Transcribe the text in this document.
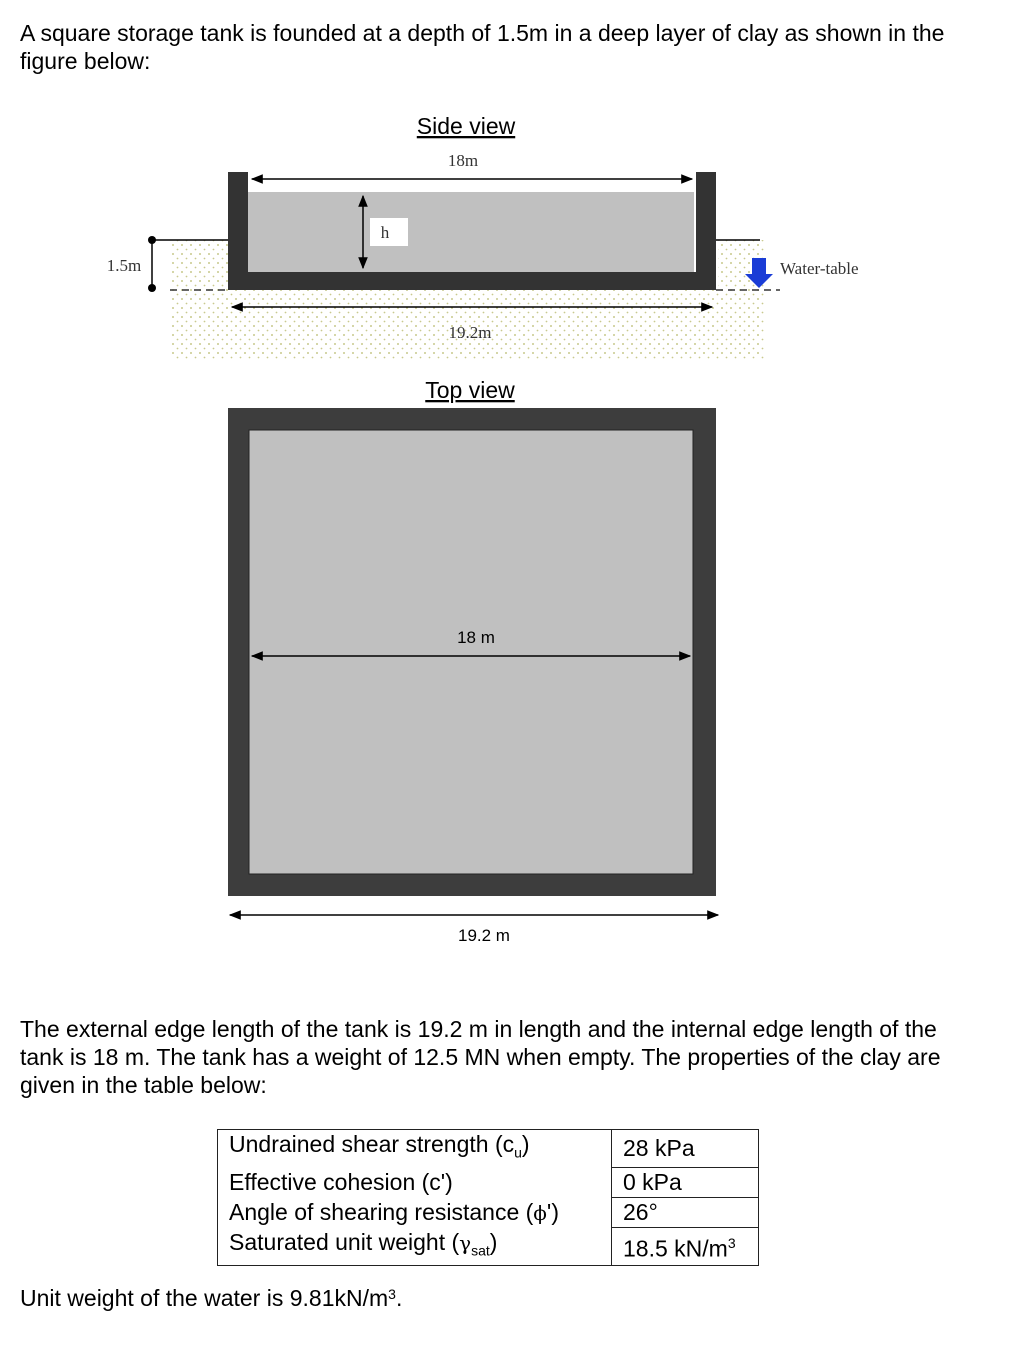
A square storage tank is founded at a depth of 1.5m in a deep layer of clay as shown in the figure below:

Side view
1.5m	Water-table
18m
h
19.2m
Top view
18 m
19.2 m

The external edge length of the tank is 19.2 m in length and the internal edge length of the tank is 18 m. The tank has a weight of 12.5 MN when empty. The properties of the clay are given in the table below:

Undrained shear strength $(c_u)$	28 kPa
Effective cohesion (c')	0 kPa
Angle of shearing resistance (ϕ')	26°
Saturated unit weight $(\gamma_{sat})$	18.5 $kN/m^3$
Unit weight of the water is $9.81kN/m^3$.
